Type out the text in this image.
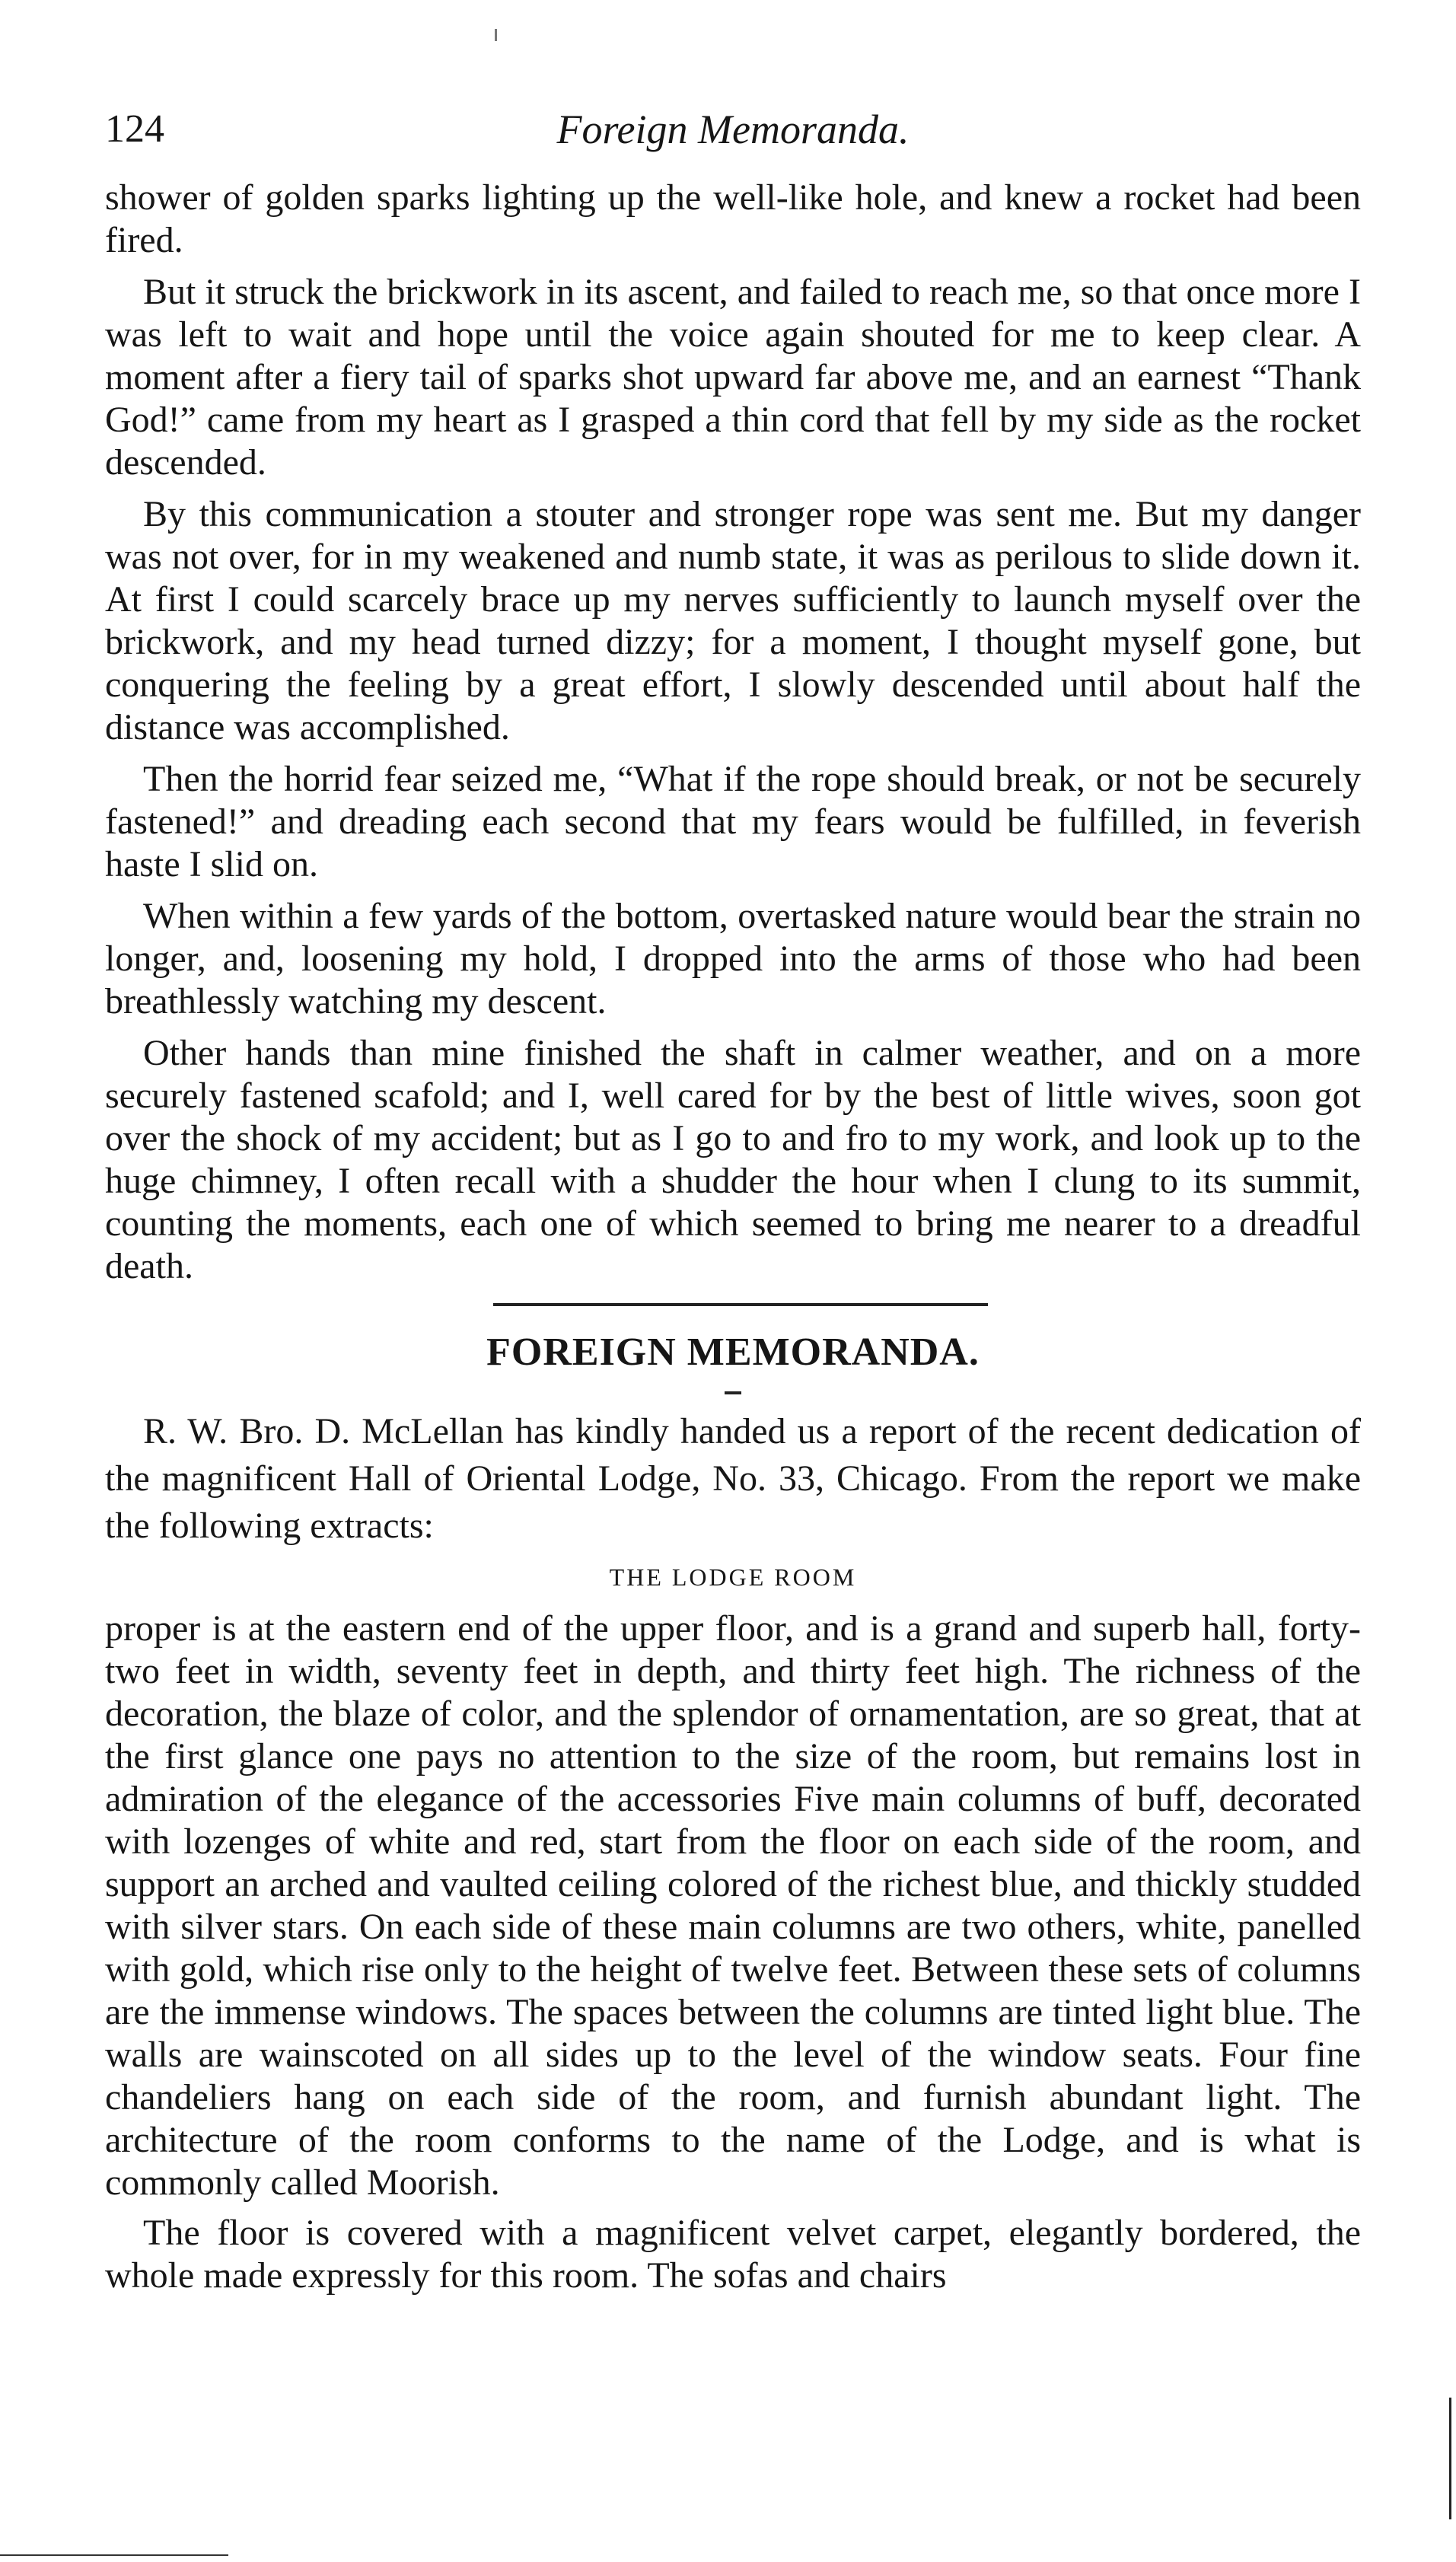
124	Foreign Memoranda.

shower of golden sparks lighting up the well-like hole, and knew a rocket had been fired.

But it struck the brickwork in its ascent, and failed to reach me, so that once more I was left to wait and hope until the voice again shouted for me to keep clear. A moment after a fiery tail of sparks shot upward far above me, and an earnest “Thank God!” came from my heart as I grasped a thin cord that fell by my side as the rocket descended.

By this communication a stouter and stronger rope was sent me. But my danger was not over, for in my weakened and numb state, it was as perilous to slide down it. At first I could scarcely brace up my nerves sufficiently to launch myself over the brickwork, and my head turned dizzy; for a moment, I thought myself gone, but conquering the feeling by a great effort, I slowly descended until about half the distance was accomplished.

Then the horrid fear seized me, “What if the rope should break, or not be securely fastened!” and dreading each second that my fears would be fulfilled, in feverish haste I slid on.

When within a few yards of the bottom, overtasked nature would bear the strain no longer, and, loosening my hold, I dropped into the arms of those who had been breathlessly watching my descent.

Other hands than mine finished the shaft in calmer weather, and on a more securely fastened scafold; and I, well cared for by the best of little wives, soon got over the shock of my accident; but as I go to and fro to my work, and look up to the huge chimney, I often recall with a shudder the hour when I clung to its summit, counting the moments, each one of which seemed to bring me nearer to a dreadful death.

FOREIGN MEMORANDA.

R. W. Bro. D. McLellan has kindly handed us a report of the recent dedication of the magnificent Hall of Oriental Lodge, No. 33, Chicago. From the report we make the following extracts:

THE LODGE ROOM

proper is at the eastern end of the upper floor, and is a grand and superb hall, forty-two feet in width, seventy feet in depth, and thirty feet high. The richness of the decoration, the blaze of color, and the splendor of ornamentation, are so great, that at the first glance one pays no attention to the size of the room, but remains lost in admiration of the elegance of the accessories Five main columns of buff, decorated with lozenges of white and red, start from the floor on each side of the room, and support an arched and vaulted ceiling colored of the richest blue, and thickly studded with silver stars. On each side of these main columns are two others, white, panelled with gold, which rise only to the height of twelve feet. Between these sets of columns are the immense windows. The spaces between the columns are tinted light blue. The walls are wainscoted on all sides up to the level of the window seats. Four fine chandeliers hang on each side of the room, and furnish abundant light. The architecture of the room conforms to the name of the Lodge, and is what is commonly called Moorish.

The floor is covered with a magnificent velvet carpet, elegantly bordered, the whole made expressly for this room. The sofas and chairs
